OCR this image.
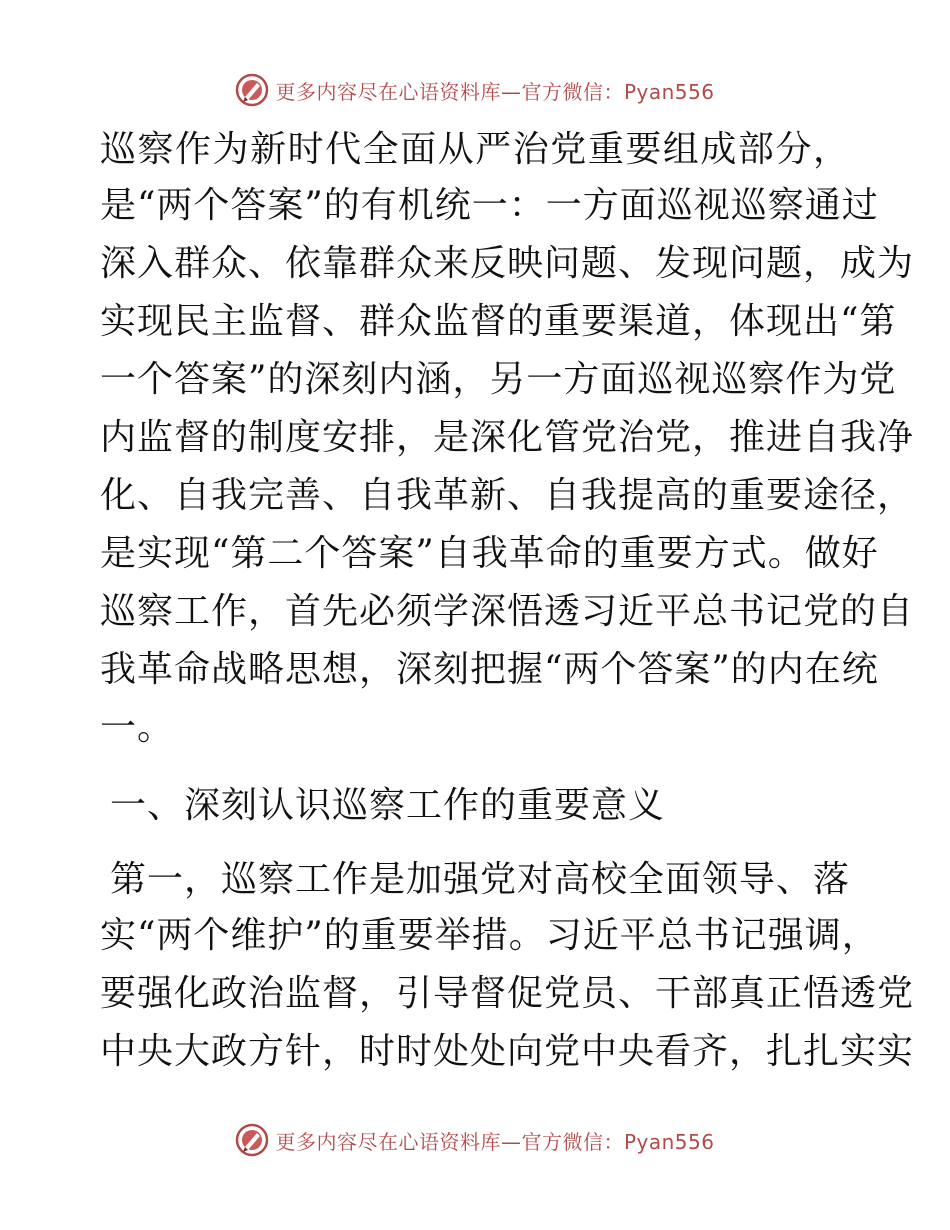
更多内容尽在心语资料库—官方微信：Pyan556
巡察作为新时代全面从严治党重要组成部分，
是“两个答案”的有机统一：一方面巡视巡察通过
深入群众、依靠群众来反映问题、发现问题，成为
实现民主监督、群众监督的重要渠道，体现出“第
一个答案”的深刻内涵，另一方面巡视巡察作为党
内监督的制度安排，是深化管党治党，推进自我净
化、自我完善、自我革新、自我提高的重要途径，
是实现“第二个答案”自我革命的重要方式。做好
巡察工作，首先必须学深悟透习近平总书记党的自
我革命战略思想，深刻把握“两个答案”的内在统
一。
一、深刻认识巡察工作的重要意义
第一，巡察工作是加强党对高校全面领导、落
实“两个维护”的重要举措。习近平总书记强调，
要强化政治监督，引导督促党员、干部真正悟透党
中央大政方针，时时处处向党中央看齐，扎扎实实
更多内容尽在心语资料库—官方微信：Pyan556
